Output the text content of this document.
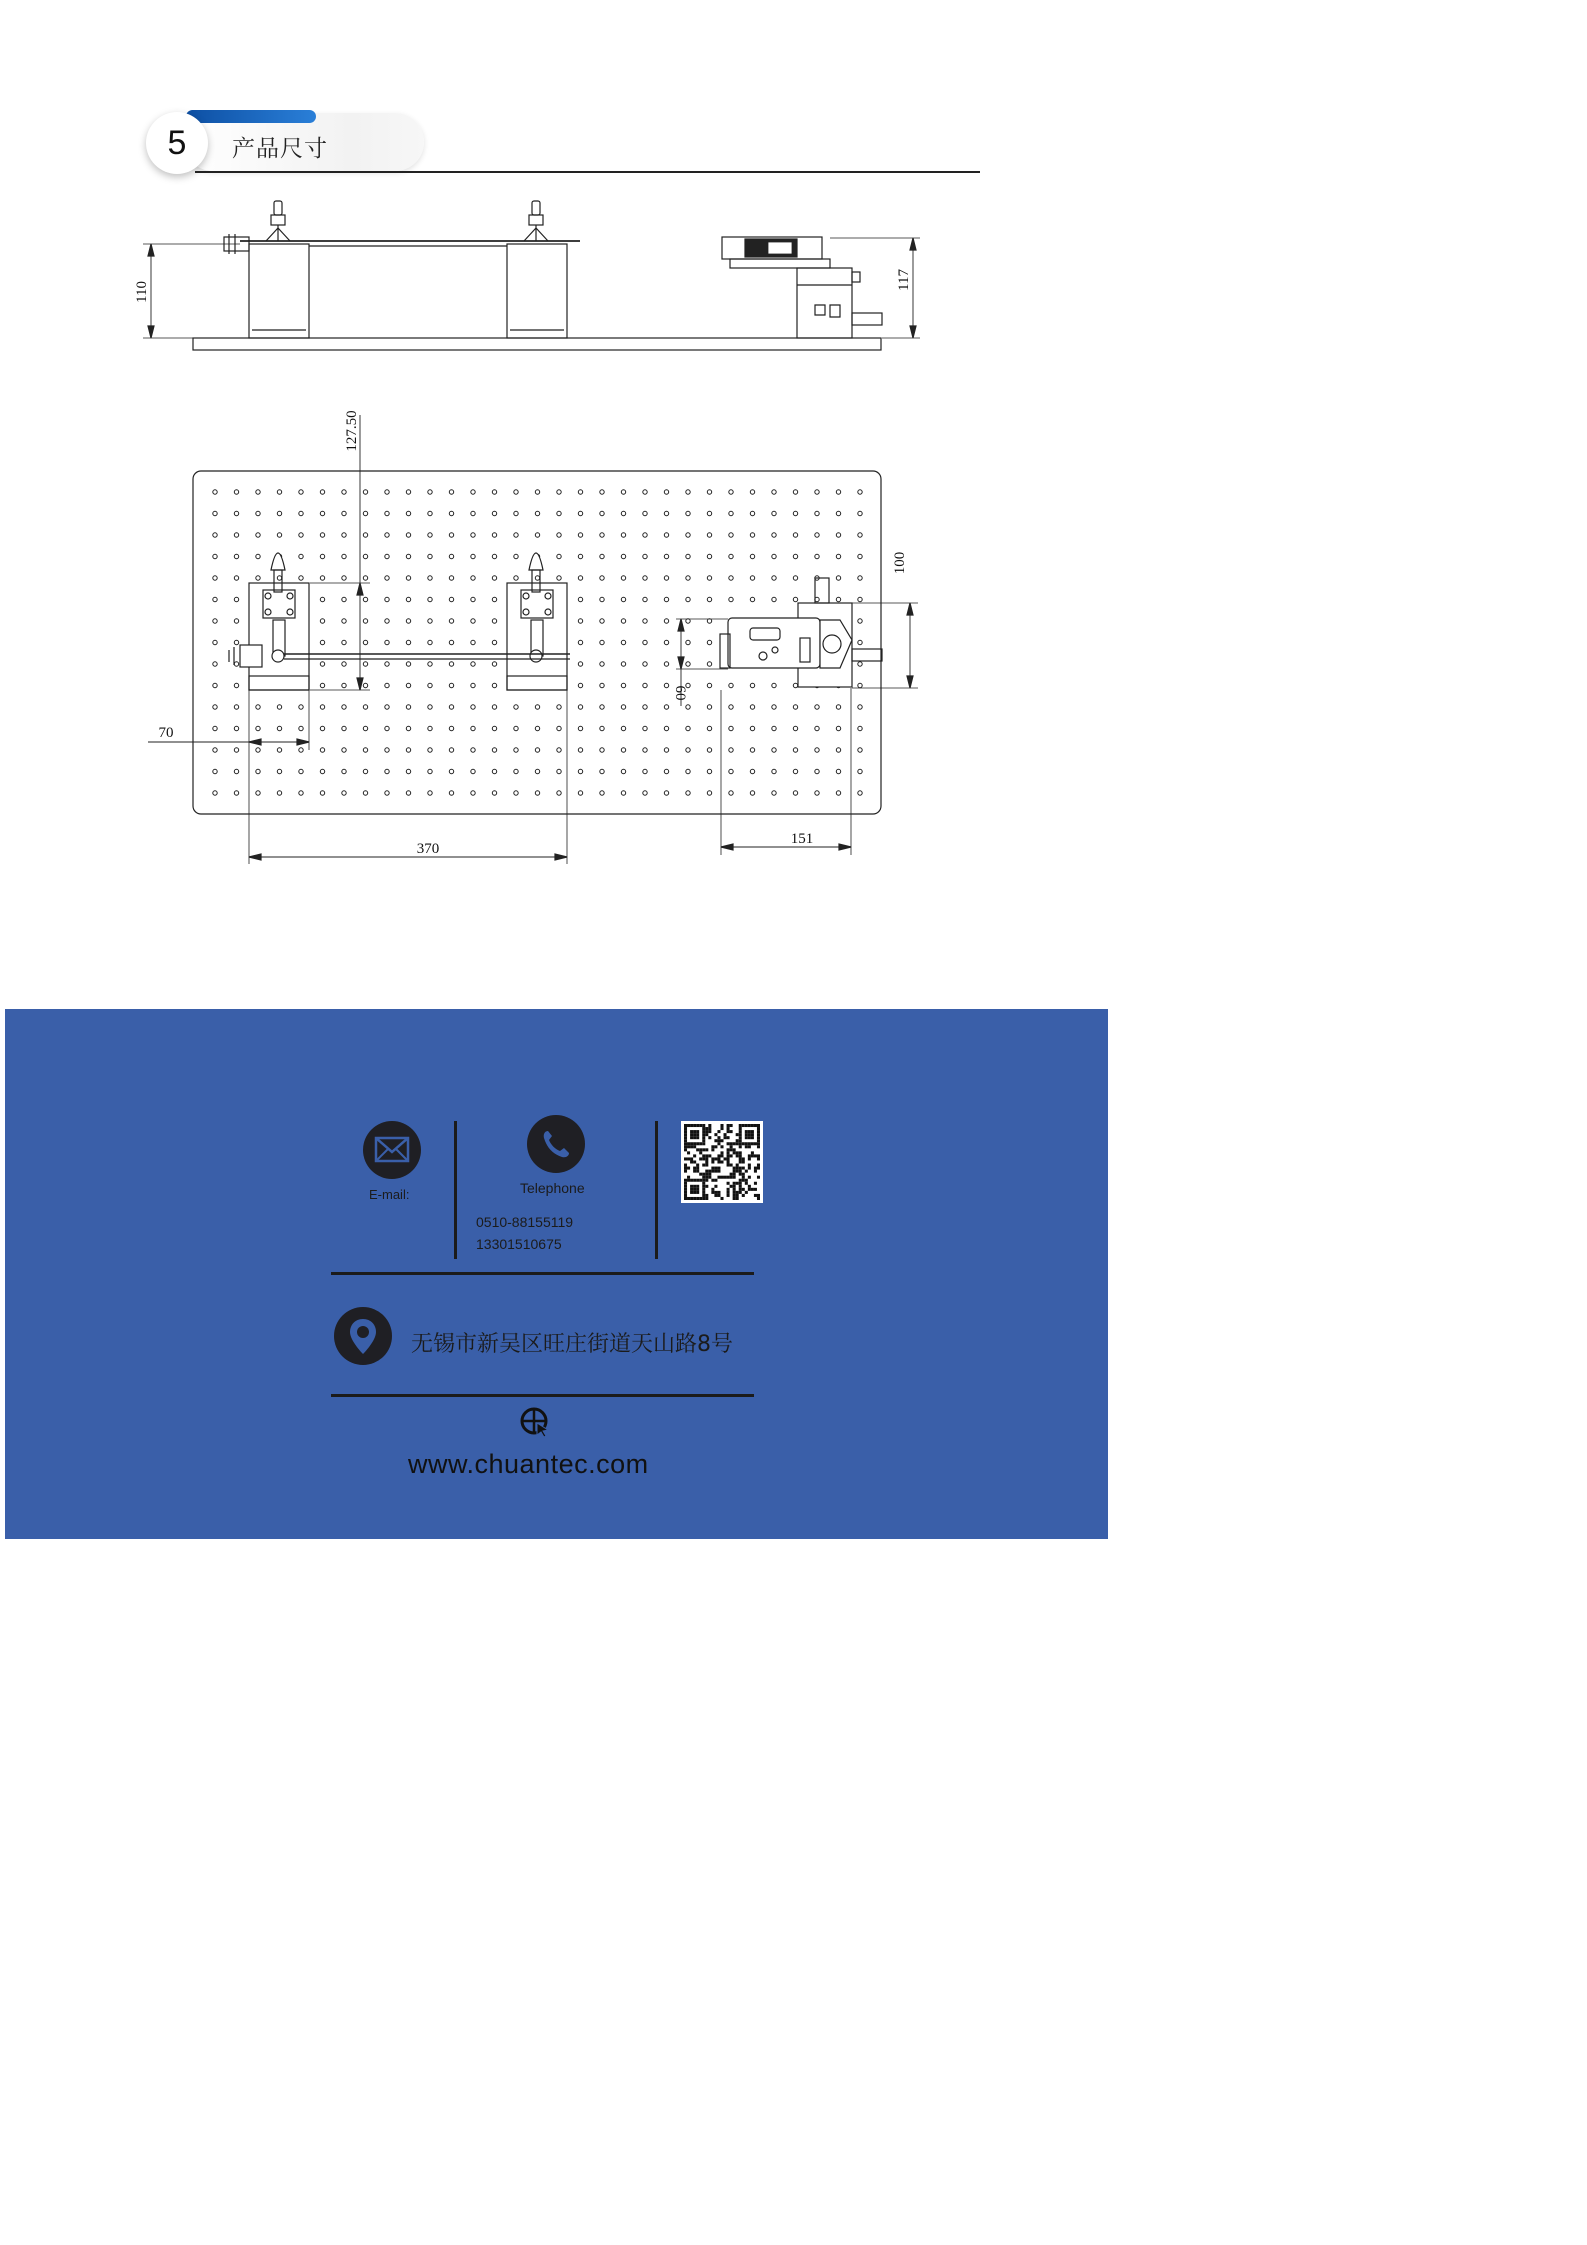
5	产品尺寸
110
117
127.50
100
60
70
370
151
E-mail:	Telephone
0510-88155119
13301510675
无锡市新吴区旺庄街道天山路8号
www.chuantec.com
